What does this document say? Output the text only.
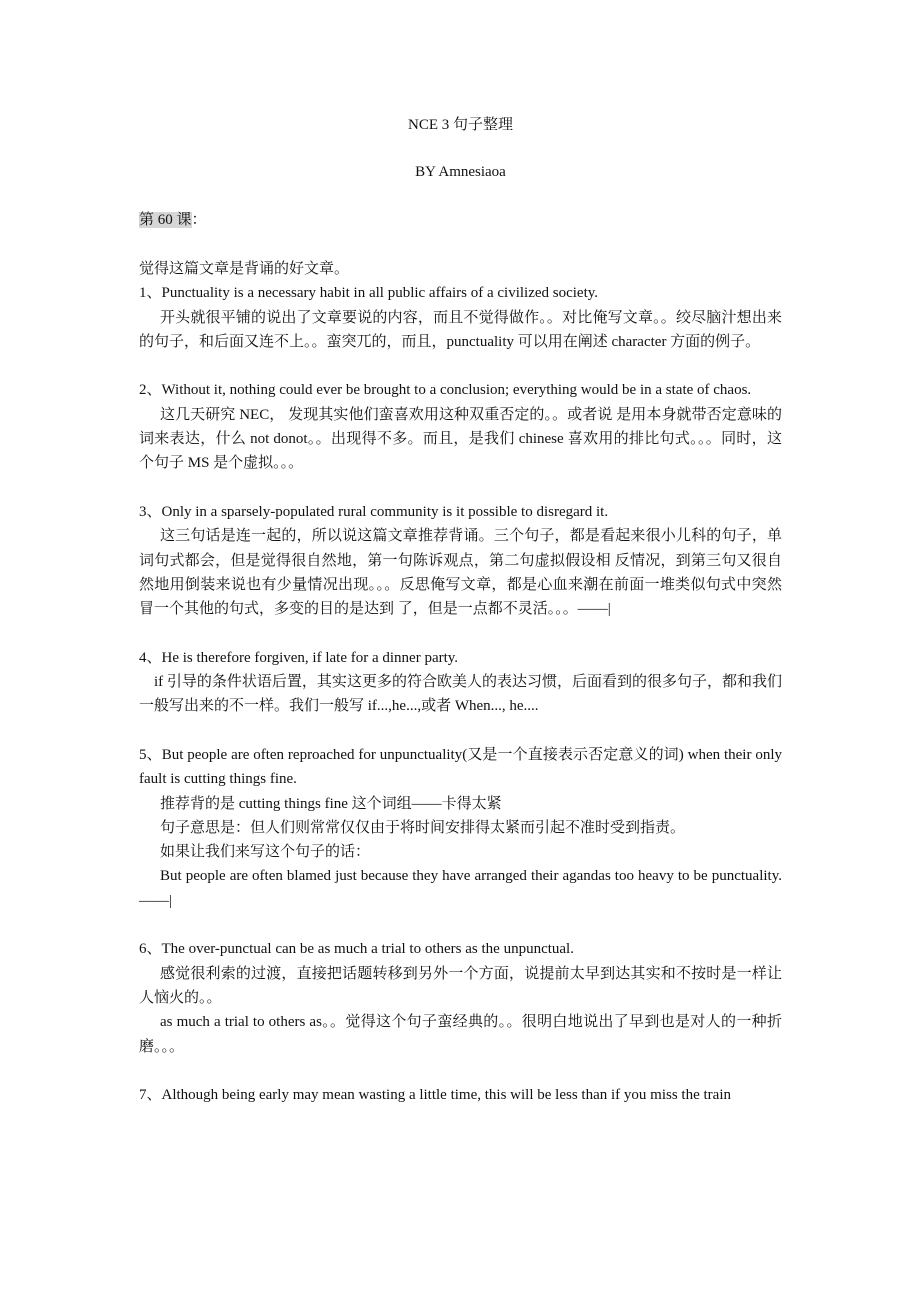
NCE 3 句子整理
BY Amnesiaoa
第 60 课：

觉得这篇文章是背诵的好文章。

1、Punctuality is a necessary habit in all public affairs of a civilized society.

开头就很平铺的说出了文章要说的内容，而且不觉得做作。。对比俺写文章。。绞尽脑汁想出来的句子，和后面又连不上。。蛮突兀的，而且，punctuality 可以用在阐述 character 方面的例子。

2、Without it, nothing could ever be brought to a conclusion; everything would be in a state of chaos.

这几天研究 NEC， 发现其实他们蛮喜欢用这种双重否定的。。或者说 是用本身就带否定意味的词来表达，什么 not donot。。出现得不多。而且，是我们 chinese 喜欢用的排比句式。。。同时，这个句子 MS 是个虚拟。。。

3、Only in a sparsely-populated rural community is it possible to disregard it.

这三句话是连一起的，所以说这篇文章推荐背诵。三个句子，都是看起来很小儿科的句子，单词句式都会，但是觉得很自然地，第一句陈诉观点，第二句虚拟假设相 反情况，到第三句又很自然地用倒装来说也有少量情况出现。。。反思俺写文章，都是心血来潮在前面一堆类似句式中突然冒一个其他的句式，多变的目的是达到 了，但是一点都不灵活。。。——|

4、He is therefore forgiven, if late for a dinner party.

if 引导的条件状语后置，其实这更多的符合欧美人的表达习惯，后面看到的很多句子，都和我们一般写出来的不一样。我们一般写 if...,he...,或者 When..., he....

5、But people are often reproached for unpunctuality(又是一个直接表示否定意义的词) when their only fault is cutting things fine.

推荐背的是 cutting things fine 这个词组——卡得太紧

句子意思是：但人们则常常仅仅由于将时间安排得太紧而引起不准时受到指责。

如果让我们来写这个句子的话：

But people are often blamed just because they have arranged their agandas too heavy to be punctuality.——|

6、The over-punctual can be as much a trial to others as the unpunctual.

感觉很利索的过渡，直接把话题转移到另外一个方面，说提前太早到达其实和不按时是一样让人恼火的。。

as much a trial to others as。。觉得这个句子蛮经典的。。很明白地说出了早到也是对人的一种折磨。。。

7、Although being early may mean wasting a little time, this will be less than if you miss the train
